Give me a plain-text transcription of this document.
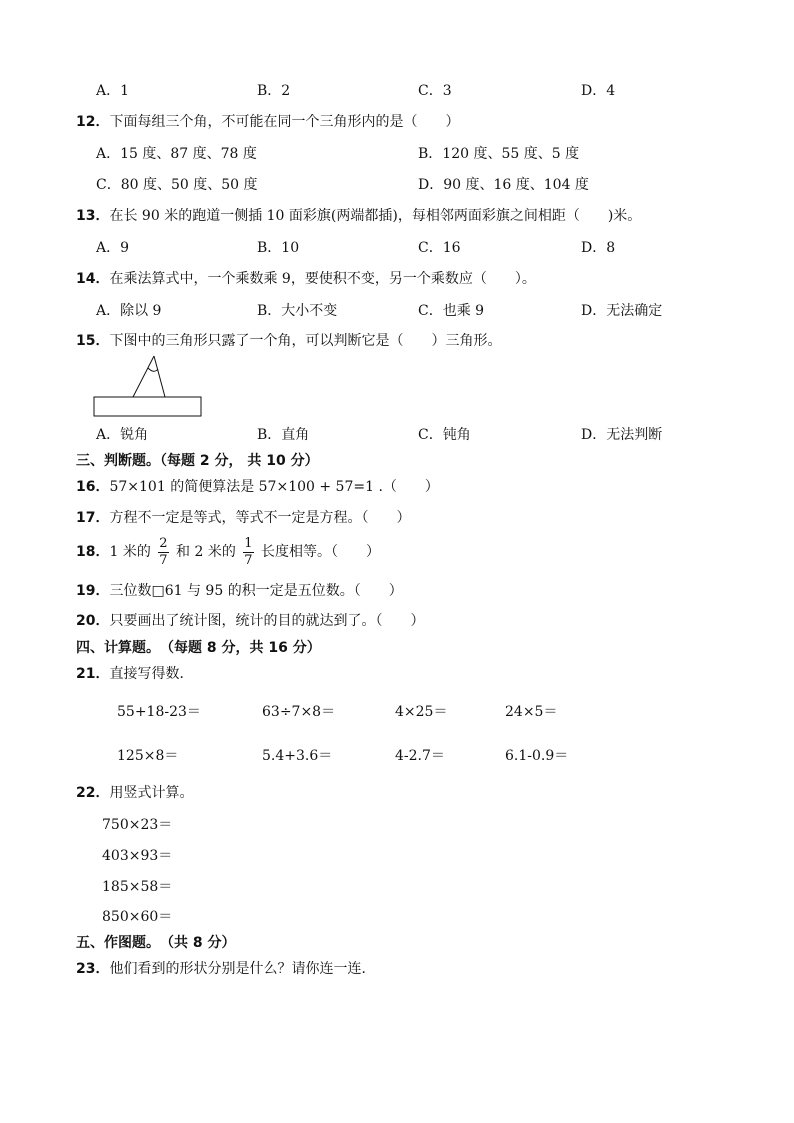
A．1	B．2	C．3	D．4
12．下面每组三个角，不可能在同一个三角形内的是（　　）
A．15 度、87 度、78 度	B．120 度、55 度、5 度
C．80 度、50 度、50 度	D．90 度、16 度、104 度
13．在长 90 米的跑道一侧插 10 面彩旗(两端都插)，每相邻两面彩旗之间相距（　　)米。
A．9	B．10	C．16	D．8
14．在乘法算式中，一个乘数乘 9，要使积不变，另一个乘数应（　　）。
A．除以 9	B．大小不变	C．也乘 9	D．无法确定
15．下图中的三角形只露了一个角，可以判断它是（　　）三角形。
A．锐角	B．直角	C．钝角	D．无法判断
三、判断题。（每题 2 分， 共 10 分）
16．57×101 的简便算法是 57×100 + 57=1 .（　　）
17．方程不一定是等式，等式不一定是方程。（　　）
18．1 米的 $\frac{2}{7}$ 和 2 米的 $\frac{1}{7}$ 长度相等。（　　）
19．三位数□61 与 95 的积一定是五位数。（　　）
20．只要画出了统计图，统计的目的就达到了。（　　）
四、计算题。　（每题 8 分，共 16 分）
21．直接写得数．
55+18-23＝	63÷7×8＝	4×25＝	24×5＝
125×8＝	5.4+3.6＝	4-2.7＝	6.1-0.9＝
22．用竖式计算。
750×23＝
403×93＝
185×58＝
850×60＝
五、作图题。　（共 8 分）
23．他们看到的形状分别是什么？请你连一连．
